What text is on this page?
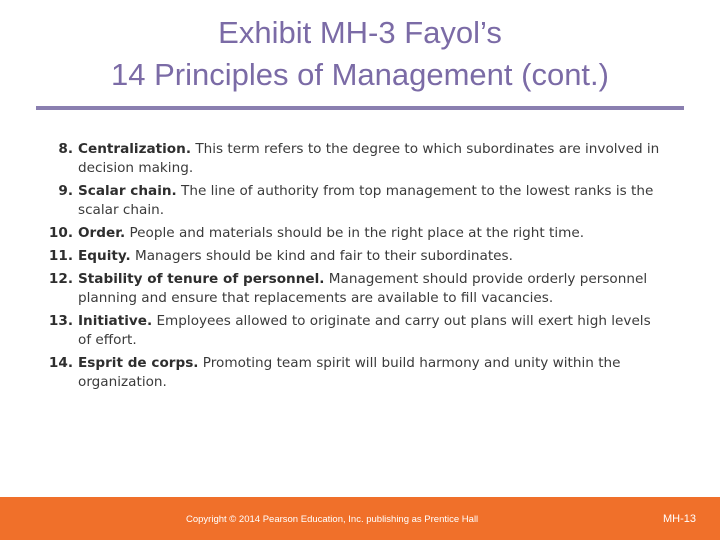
Exhibit MH-3 Fayol’s
14 Principles of Management (cont.)
8. Centralization. This term refers to the degree to which subordinates are involved in decision making.
9. Scalar chain. The line of authority from top management to the lowest ranks is the scalar chain.
10. Order. People and materials should be in the right place at the right time.
11. Equity. Managers should be kind and fair to their subordinates.
12. Stability of tenure of personnel. Management should provide orderly personnel planning and ensure that replacements are available to fill vacancies.
13. Initiative. Employees allowed to originate and carry out plans will exert high levels of effort.
14. Esprit de corps. Promoting team spirit will build harmony and unity within the organization.
Copyright © 2014 Pearson Education, Inc. publishing as Prentice Hall	MH-13
